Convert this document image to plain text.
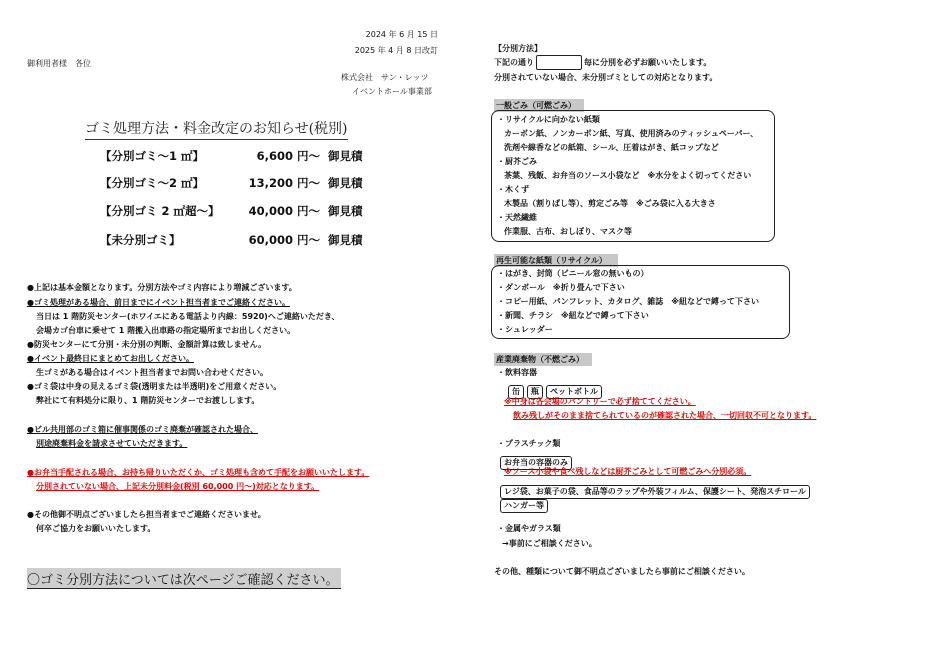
2024 年 6 月 15 日
2025 年 4 月 8 日改訂
御利用者様　各位
株式会社　サン・レッツ
イベントホール事業部
ゴミ処理方法・料金改定のお知らせ(税別)
【分別ゴミ～1 ㎡】	6,600 円～ 御見積
【分別ゴミ～2 ㎡】	13,200 円～ 御見積
【分別ゴミ 2 ㎡超～】	40,000 円～ 御見積
【未分別ゴミ】	60,000 円～ 御見積
●上記は基本金額となります。分別方法やゴミ内容により増減ございます。
●ゴミ処理がある場合、前日までにイベント担当者までご連絡ください。
当日は 1 階防災センター(ホワイエにある電話より内線：5920)へご連絡いただき、
会場カゴ台車に乗せて 1 階搬入出車路の指定場所までお出しください。
●防災センターにて分別・未分別の判断、金額計算は致しません。
●イベント最終日にまとめてお出しください。
生ゴミがある場合はイベント担当者までお問い合わせください。
●ゴミ袋は中身の見えるゴミ袋(透明または半透明)をご用意ください。
弊社にて有料処分に限り、1 階防災センターでお渡しします。
●ビル共用部のゴミ箱に催事関係のゴミ廃棄が確認された場合、
別途廃棄料金を請求させていただきます。
●お弁当手配される場合、お持ち帰りいただくか、ゴミ処理も含めて手配をお願いいたします。
分別されていない場合、上記未分別料金(税別 60,000 円～)対応となります。
●その他御不明点ございましたら担当者までご連絡くださいませ。
何卒ご協力をお願いいたします。
〇ゴミ分別方法については次ページご確認ください。
【分別方法】
下記の通り	毎に分別を必ずお願いいたします。
分別されていない場合、未分別ゴミとしての対応となります。
一般ごみ（可燃ごみ）
・リサイクルに向かない紙類
カーボン紙、ノンカーボン紙、写真、使用済みのティッシュペーパー、
洗剤や線香などの紙箱、シール、圧着はがき、紙コップなど
・厨芥ごみ
茶葉、残飯、お弁当のソース小袋など　※水分をよく切ってください
・木くず
木製品（割りばし等）、剪定ごみ等　※ごみ袋に入る大きさ
・天然繊維
作業服、古布、おしぼり、マスク等
再生可能な紙類（リサイクル）
・はがき、封筒（ビニール窓の無いもの）
・ダンボール　※折り畳んで下さい
・コピー用紙、パンフレット、カタログ、雑誌　※紐などで縛って下さい
・新聞、チラシ　※紐などで縛って下さい
・シュレッダー
産業廃棄物（不燃ごみ）
・飲料容器
缶 瓶 ペットボトル
※中身は各会場のパントリーで必ず捨ててください。
飲み残しがそのまま捨てられているのが確認された場合、一切回収不可となります。
・プラスチック類
お弁当の容器のみ
※ソース小袋や食べ残しなどは厨芥ごみとして可燃ごみへ分別必須。
レジ袋、お菓子の袋、食品等のラップや外装フィルム、保護シート、発泡スチロール
ハンガー等
・金属やガラス類
→事前にご相談ください。
その他、種類について御不明点ございましたら事前にご相談ください。
